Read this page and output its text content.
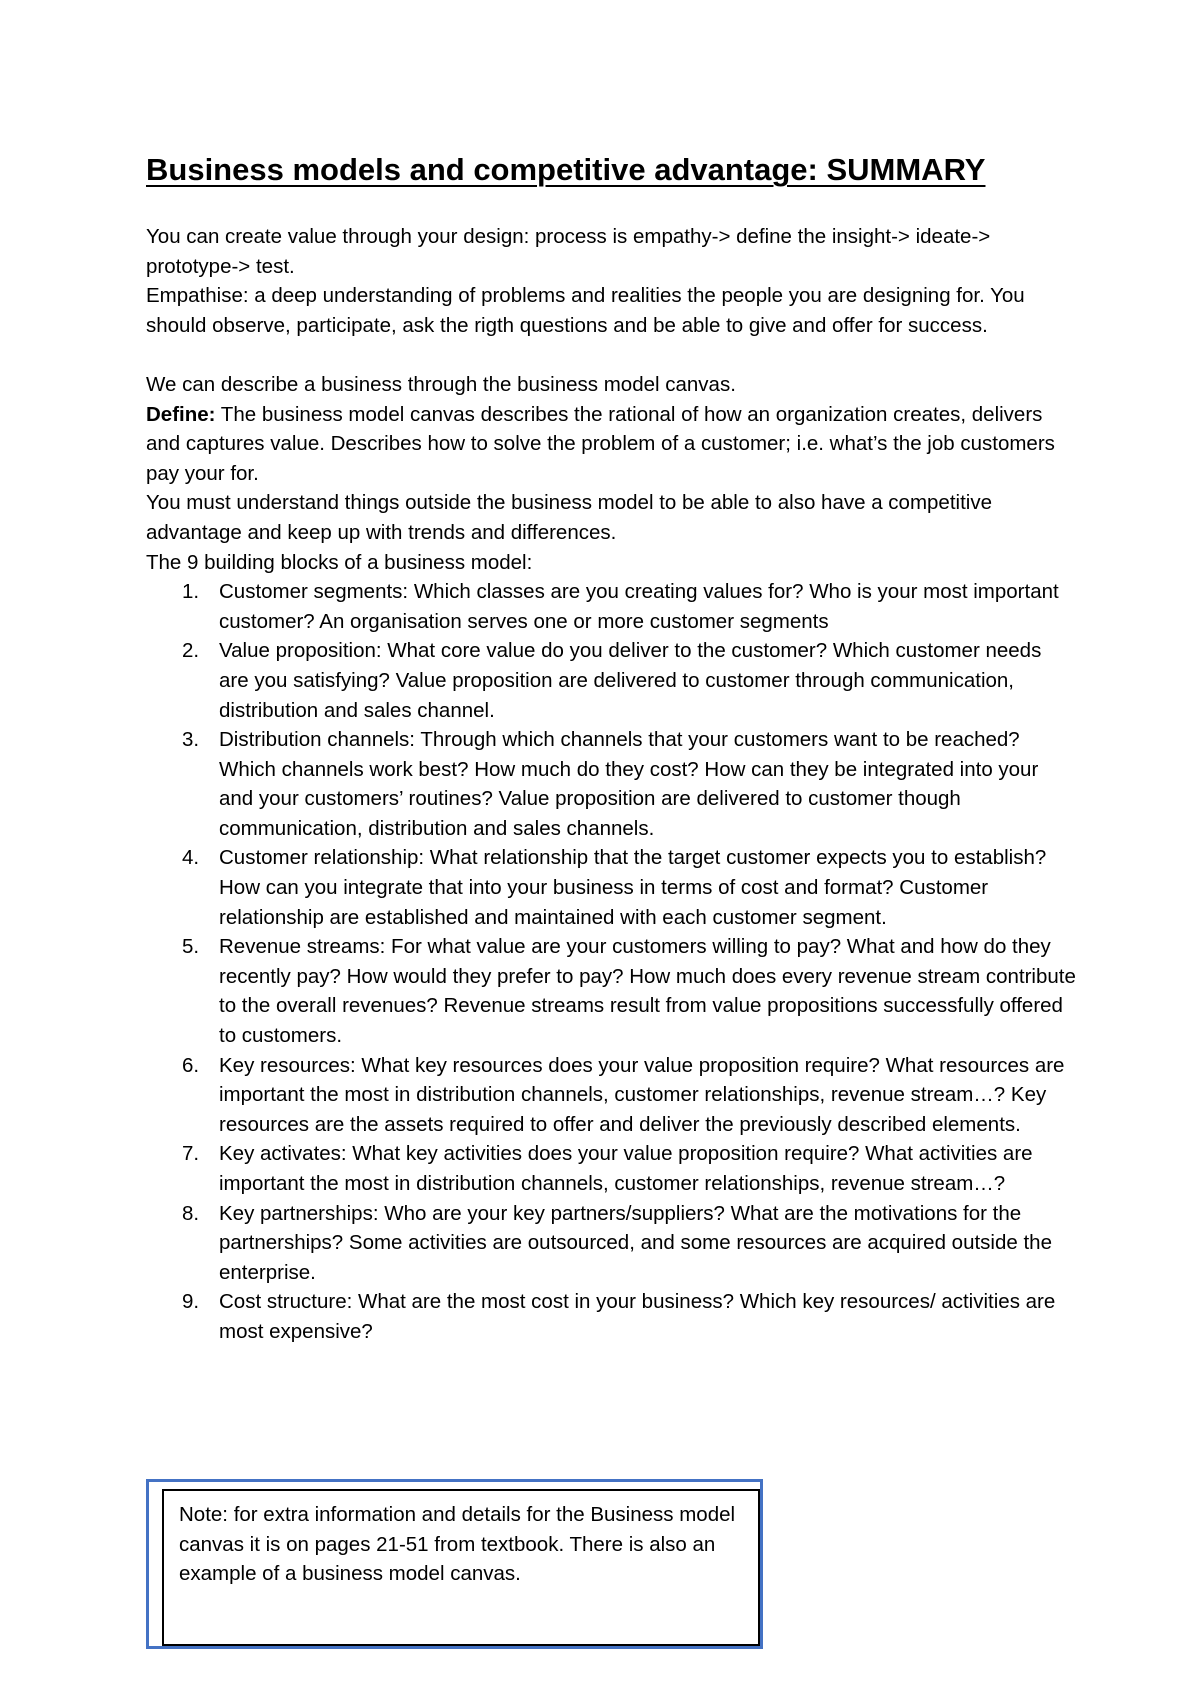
Business models and competitive advantage: SUMMARY

You can create value through your design: process is empathy-> define the insight-> ideate-> prototype-> test.

Empathise: a deep understanding of problems and realities the people you are designing for. You should observe, participate, ask the rigth questions and be able to give and offer for success.

We can describe a business through the business model canvas.

Define: The business model canvas describes the rational of how an organization creates, delivers and captures value. Describes how to solve the problem of a customer; i.e. what’s the job customers pay your for.

You must understand things outside the business model to be able to also have a competitive advantage and keep up with trends and differences.

The 9 building blocks of a business model:

1. Customer segments: Which classes are you creating values for? Who is your most important customer? An organisation serves one or more customer segments
2. Value proposition: What core value do you deliver to the customer? Which customer needs are you satisfying? Value proposition are delivered to customer through communication, distribution and sales channel.
3. Distribution channels: Through which channels that your customers want to be reached? Which channels work best? How much do they cost? How can they be integrated into your and your customers’ routines? Value proposition are delivered to customer though communication, distribution and sales channels.
4. Customer relationship: What relationship that the target customer expects you to establish? How can you integrate that into your business in terms of cost and format? Customer relationship are established and maintained with each customer segment.
5. Revenue streams: For what value are your customers willing to pay? What and how do they recently pay? How would they prefer to pay? How much does every revenue stream contribute to the overall revenues? Revenue streams result from value propositions successfully offered to customers.
6. Key resources: What key resources does your value proposition require? What resources are important the most in distribution channels, customer relationships, revenue stream…? Key resources are the assets required to offer and deliver the previously described elements.
7. Key activates: What key activities does your value proposition require? What activities are important the most in distribution channels, customer relationships, revenue stream…?
8. Key partnerships: Who are your key partners/suppliers? What are the motivations for the partnerships? Some activities are outsourced, and some resources are acquired outside the enterprise.
9. Cost structure: What are the most cost in your business? Which key resources/ activities are most expensive?
Note: for extra information and details for the Business model canvas it is on pages 21-51 from textbook. There is also an example of a business model canvas.
